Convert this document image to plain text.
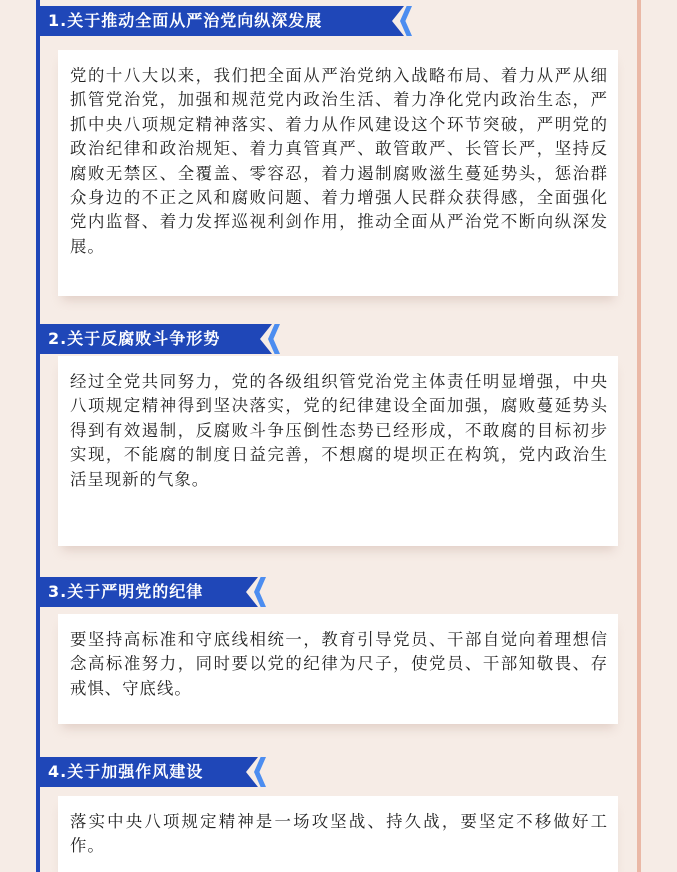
1.关于推动全面从严治党向纵深发展

党的十八大以来，我们把全面从严治党纳入战略布局、着力从严从细抓管党治党，加强和规范党内政治生活、着力净化党内政治生态，严抓中央八项规定精神落实、着力从作风建设这个环节突破，严明党的政治纪律和政治规矩、着力真管真严、敢管敢严、长管长严，坚持反腐败无禁区、全覆盖、零容忍，着力遏制腐败滋生蔓延势头，惩治群众身边的不正之风和腐败问题、着力增强人民群众获得感，全面强化党内监督、着力发挥巡视利剑作用，推动全面从严治党不断向纵深发展。

2.关于反腐败斗争形势

经过全党共同努力，党的各级组织管党治党主体责任明显增强，中央八项规定精神得到坚决落实，党的纪律建设全面加强，腐败蔓延势头得到有效遏制，反腐败斗争压倒性态势已经形成，不敢腐的目标初步实现，不能腐的制度日益完善，不想腐的堤坝正在构筑，党内政治生活呈现新的气象。

3.关于严明党的纪律

要坚持高标准和守底线相统一，教育引导党员、干部自觉向着理想信念高标准努力，同时要以党的纪律为尺子，使党员、干部知敬畏、存戒惧、守底线。

4.关于加强作风建设

落实中央八项规定精神是一场攻坚战、持久战，要坚定不移做好工作。
